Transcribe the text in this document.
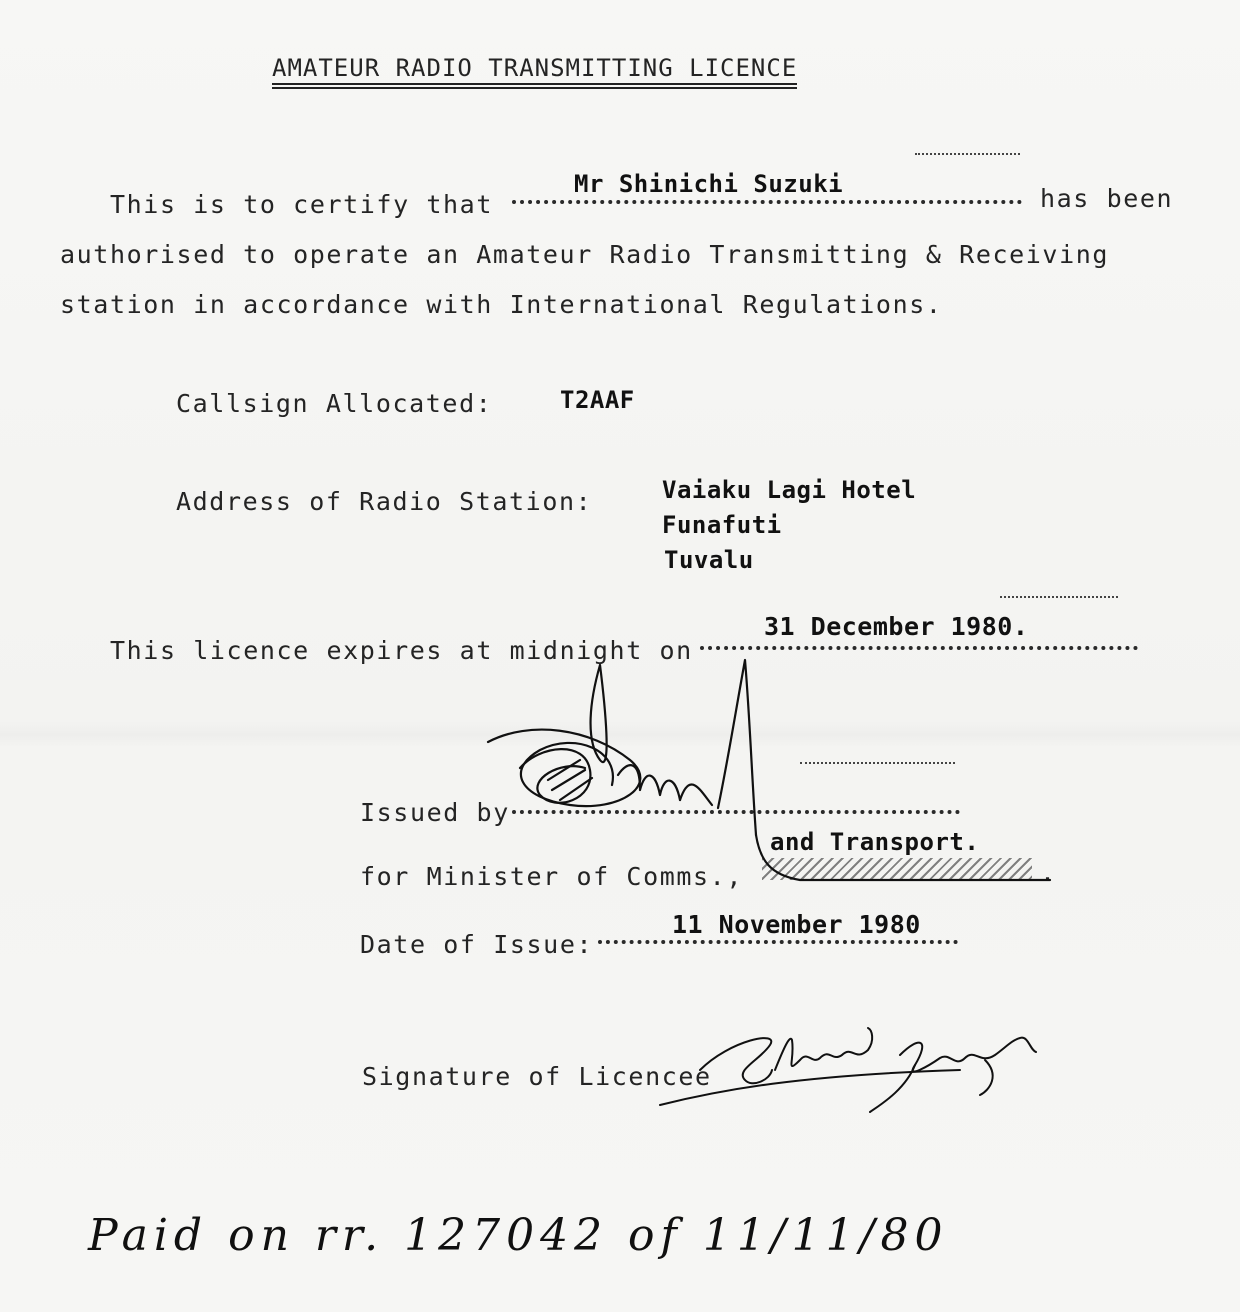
AMATEUR RADIO TRANSMITTING LICENCE
This is to certify that
Mr Shinichi Suzuki	has been
authorised to operate an Amateur Radio Transmitting & Receiving
station in accordance with International Regulations.
Callsign Allocated:	T2AAF
Address of Radio Station:	Vaiaku Lagi Hotel
Funafuti
Tuvalu
This licence expires at midnight on
31 December 1980.
Issued by
for Minister of Comms.,
and Transport.
.
Date of Issue:
11 November 1980
Signature of Licencee
Paid on rr. 127042 of 11/11/80
